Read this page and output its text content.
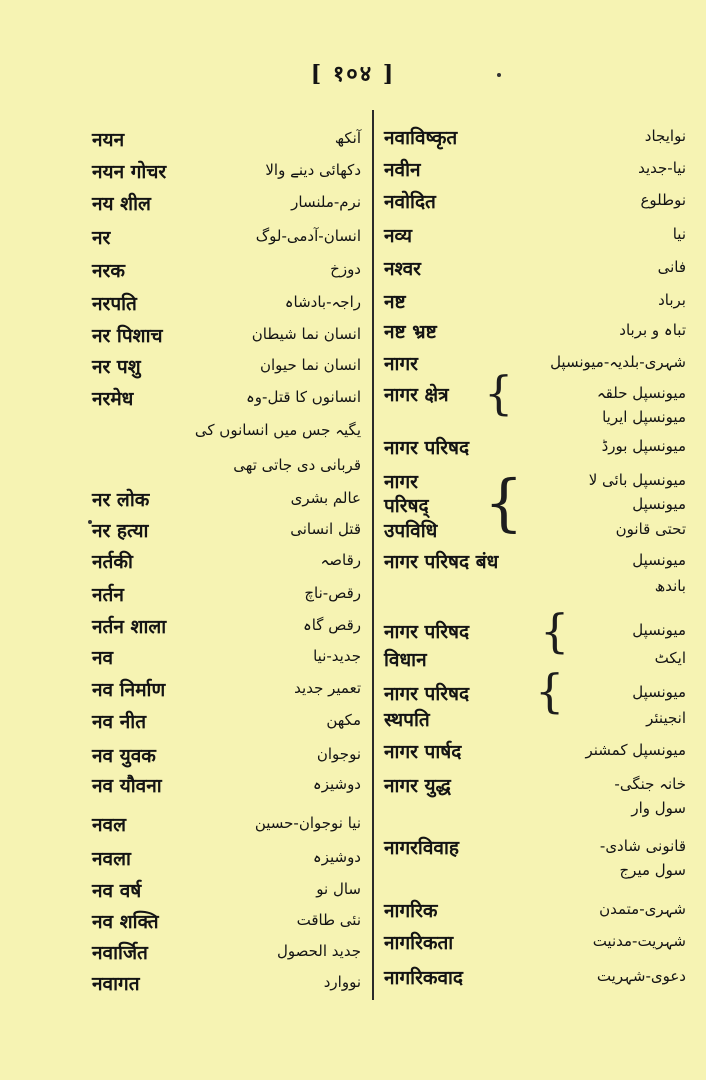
[ १०४ ]
नयन	آنکھ
नयन गोचर	دکھائی دینے والا
नय शील	نرم-ملنسار
नर	انسان-آدمی-لوگ
नरक	دوزخ
नरपति	راجہ-بادشاہ
नर पिशाच	انسان نما شیطان
नर पशु	انسان نما حیوان
नरमेध	انسانوں کا قتل-وہ
یگیہ جس میں انسانوں کی
قربانی دی جاتی تھی
नर लोक	عالم بشری
नर हत्या	قتل انسانی
नर्तकी	رقاصہ
नर्तन	رقص-ناچ
नर्तन शाला	رقص گاہ
नव	جدید-نیا
नव निर्माण	تعمیر جدید
नव नीत	مکھن
नव युवक	نوجوان
नव यौवना	دوشیزہ
नवल	نیا نوجوان-حسین
नवला	دوشیزہ
नव वर्ष	سال نو
नव शक्ति	نئی طاقت
नवार्जित	جدید الحصول
नवागत	نووارد
नवाविष्कृत	نوایجاد
नवीन	نیا-جدید
नवोदित	نوطلوع
नव्य	نیا
नश्वर	فانی
नष्ट	برباد
नष्ट भ्रष्ट	تباہ و برباد
नागर	شہری-بلدیہ-میونسپل
नागर क्षेत्र	میونسپل حلقہ
میونسپل ایریا
नागर परिषद	میونسپل بورڈ
नागर	میونسپل بائی لا
परिषद्	میونسپل
उपविधि	تحتی قانون
नागर परिषद बंध	میونسپل
باندھ
नागर परिषद	میونسپل
विधान	ایکٹ
नागर परिषद	میونسپل
स्थपति	انجینئر
नागर पार्षद	میونسپل کمشنر
नागर युद्ध	خانہ جنگی-
سول وار
नागरविवाह	قانونی شادی-
سول میرج
नागरिक	شہری-متمدن
नागरिकता	شہریت-مدنیت
नागरिकवाद	دعوی-شہریت
{
{
{
{
